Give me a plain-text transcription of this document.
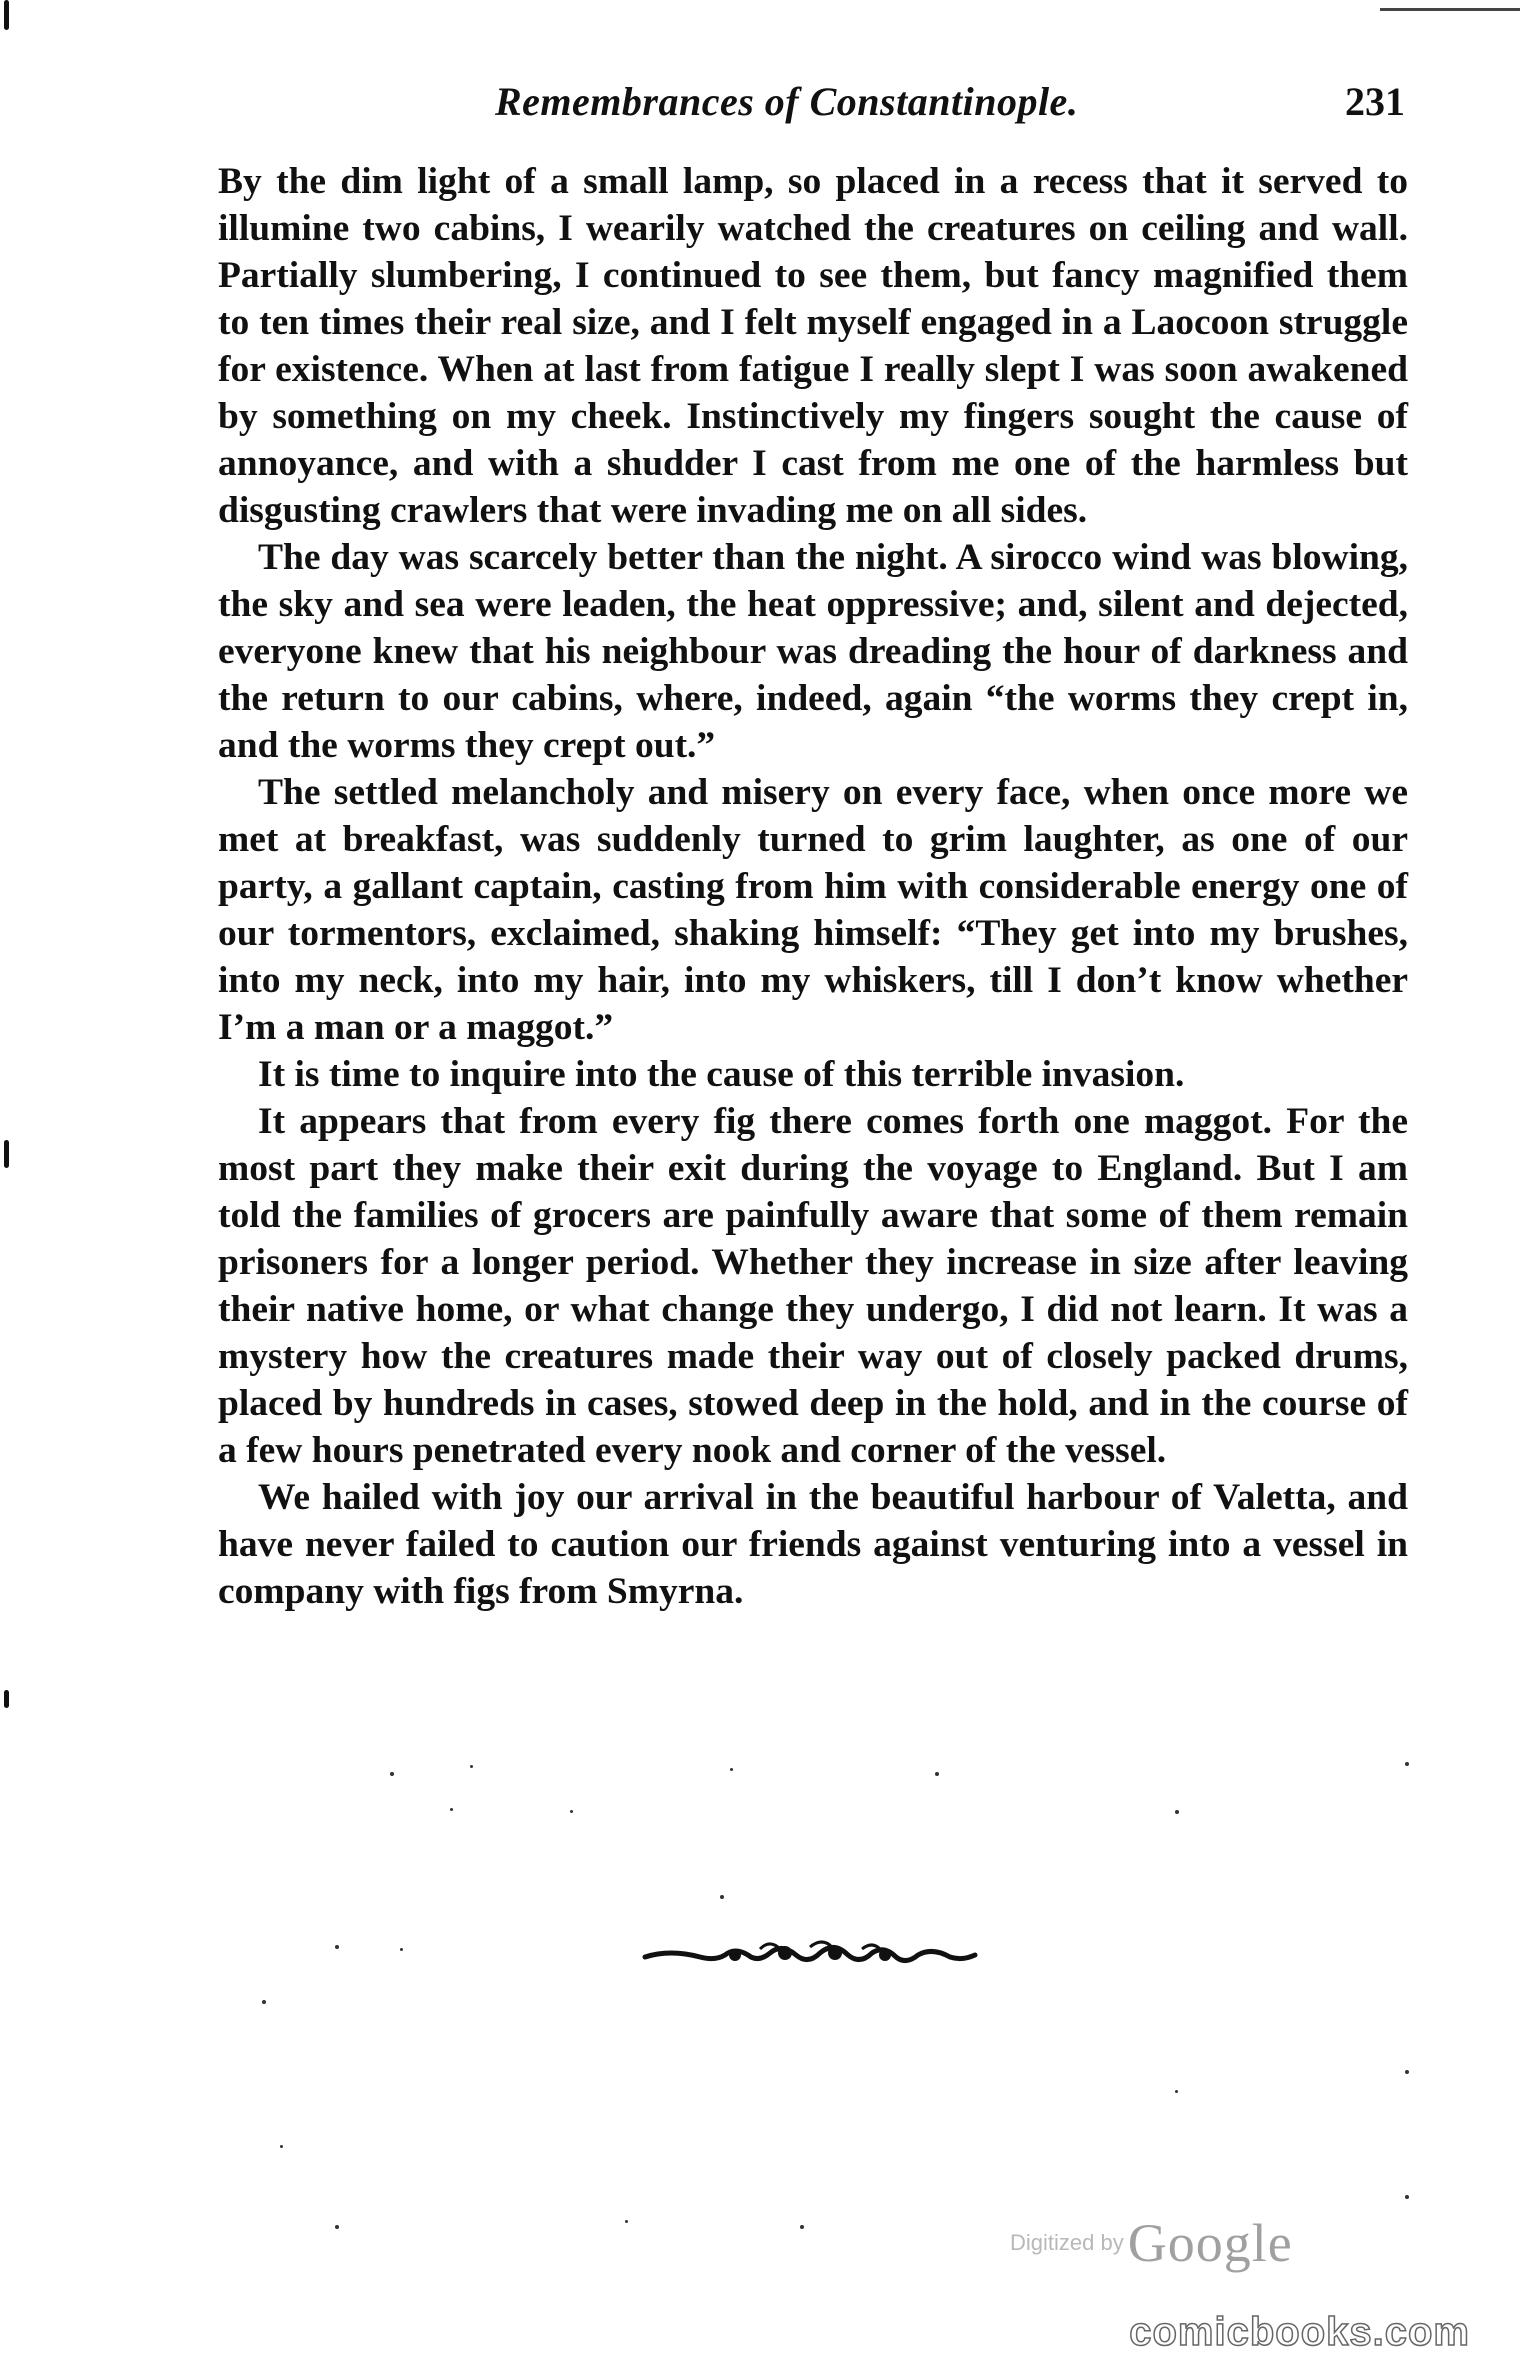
Remembrances of Constantinople.	231

By the dim light of a small lamp, so placed in a recess that it served to illumine two cabins, I wearily watched the creatures on ceiling and wall. Partially slumbering, I continued to see them, but fancy magnified them to ten times their real size, and I felt myself engaged in a Laocoon struggle for existence. When at last from fatigue I really slept I was soon awakened by something on my cheek. Instinctively my fingers sought the cause of annoyance, and with a shudder I cast from me one of the harmless but disgusting crawlers that were invading me on all sides.

The day was scarcely better than the night. A sirocco wind was blowing, the sky and sea were leaden, the heat oppressive; and, silent and dejected, everyone knew that his neighbour was dreading the hour of darkness and the return to our cabins, where, indeed, again “the worms they crept in, and the worms they crept out.”

The settled melancholy and misery on every face, when once more we met at breakfast, was suddenly turned to grim laughter, as one of our party, a gallant captain, casting from him with considerable energy one of our tormentors, exclaimed, shaking himself: “They get into my brushes, into my neck, into my hair, into my whiskers, till I don’t know whether I’m a man or a maggot.”

It is time to inquire into the cause of this terrible invasion.

It appears that from every fig there comes forth one maggot. For the most part they make their exit during the voyage to England. But I am told the families of grocers are painfully aware that some of them remain prisoners for a longer period. Whether they increase in size after leaving their native home, or what change they undergo, I did not learn. It was a mystery how the creatures made their way out of closely packed drums, placed by hundreds in cases, stowed deep in the hold, and in the course of a few hours penetrated every nook and corner of the vessel.

We hailed with joy our arrival in the beautiful harbour of Valetta, and have never failed to caution our friends against venturing into a vessel in company with figs from Smyrna.

Digitized by Google
comicbooks.com
